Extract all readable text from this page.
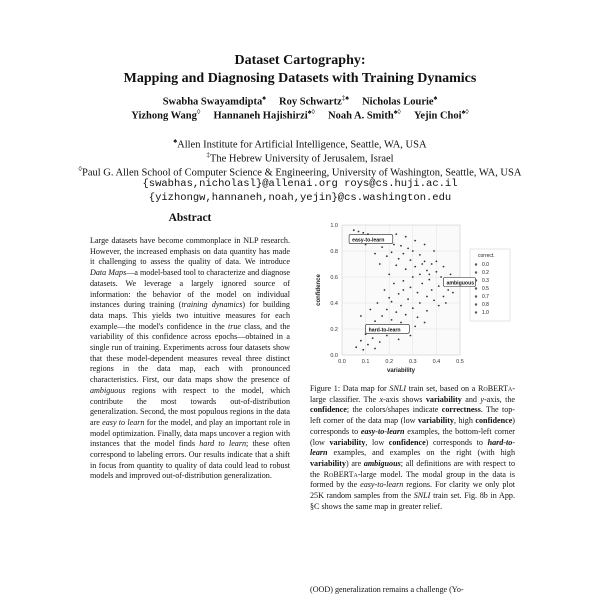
Dataset Cartography:
Mapping and Diagnosing Datasets with Training Dynamics
Swabha Swayamdipta♠ Roy Schwartz‡♠ Nicholas Lourie♠
Yizhong Wang◊ Hannaneh Hajishirzi♠◊ Noah A. Smith♠◊ Yejin Choi♠◊
♠Allen Institute for Artificial Intelligence, Seattle, WA, USA
‡The Hebrew University of Jerusalem, Israel
◊Paul G. Allen School of Computer Science & Engineering, University of Washington, Seattle, WA, USA
{swabhas,nicholasl}@allenai.org roys@cs.huji.ac.il
{yizhongw,hannaneh,noah,yejin}@cs.washington.edu
Abstract
Large datasets have become commonplace in NLP research. However, the increased emphasis on data quantity has made it challenging to assess the quality of data. We introduce Data Maps—a model-based tool to characterize and diagnose datasets. We leverage a largely ignored source of information: the behavior of the model on individual instances during training (training dynamics) for building data maps. This yields two intuitive measures for each example—the model's confidence in the true class, and the variability of this confidence across epochs—obtained in a single run of training. Experiments across four datasets show that these model-dependent measures reveal three distinct regions in the data map, each with pronounced characteristics. First, our data maps show the presence of ambiguous regions with respect to the model, which contribute the most towards out-of-distribution generalization. Second, the most populous regions in the data are easy to learn for the model, and play an important role in model optimization. Finally, data maps uncover a region with instances that the model finds hard to learn; these often correspond to labeling errors. Our results indicate that a shift in focus from quantity to quality of data could lead to robust models and improved out-of-distribution generalization.
0.0	0.1	0.2	0.3	0.4	0.5
0.0
0.2
0.4
0.6
0.8
1.0
variability
confidence
correct.
0.0
0.2
0.3
0.5
0.7
0.8
1.0
easy-to-learn
ambiguous
hard-to-learn
Figure 1: Data map for SNLI train set, based on a RoBERTa-large classifier. The x-axis shows variability and y-axis, the confidence; the colors/shapes indicate correctness. The top-left corner of the data map (low variability, high confidence) corresponds to easy-to-learn examples, the bottom-left corner (low variability, low confidence) corresponds to hard-to-learn examples, and examples on the right (with high variability) are ambiguous; all definitions are with respect to the RoBERTa-large model. The modal group in the data is formed by the easy-to-learn regions. For clarity we only plot 25K random samples from the SNLI train set. Fig. 8b in App. §C shows the same map in greater relief.
(OOD) generalization remains a challenge (Yo-
